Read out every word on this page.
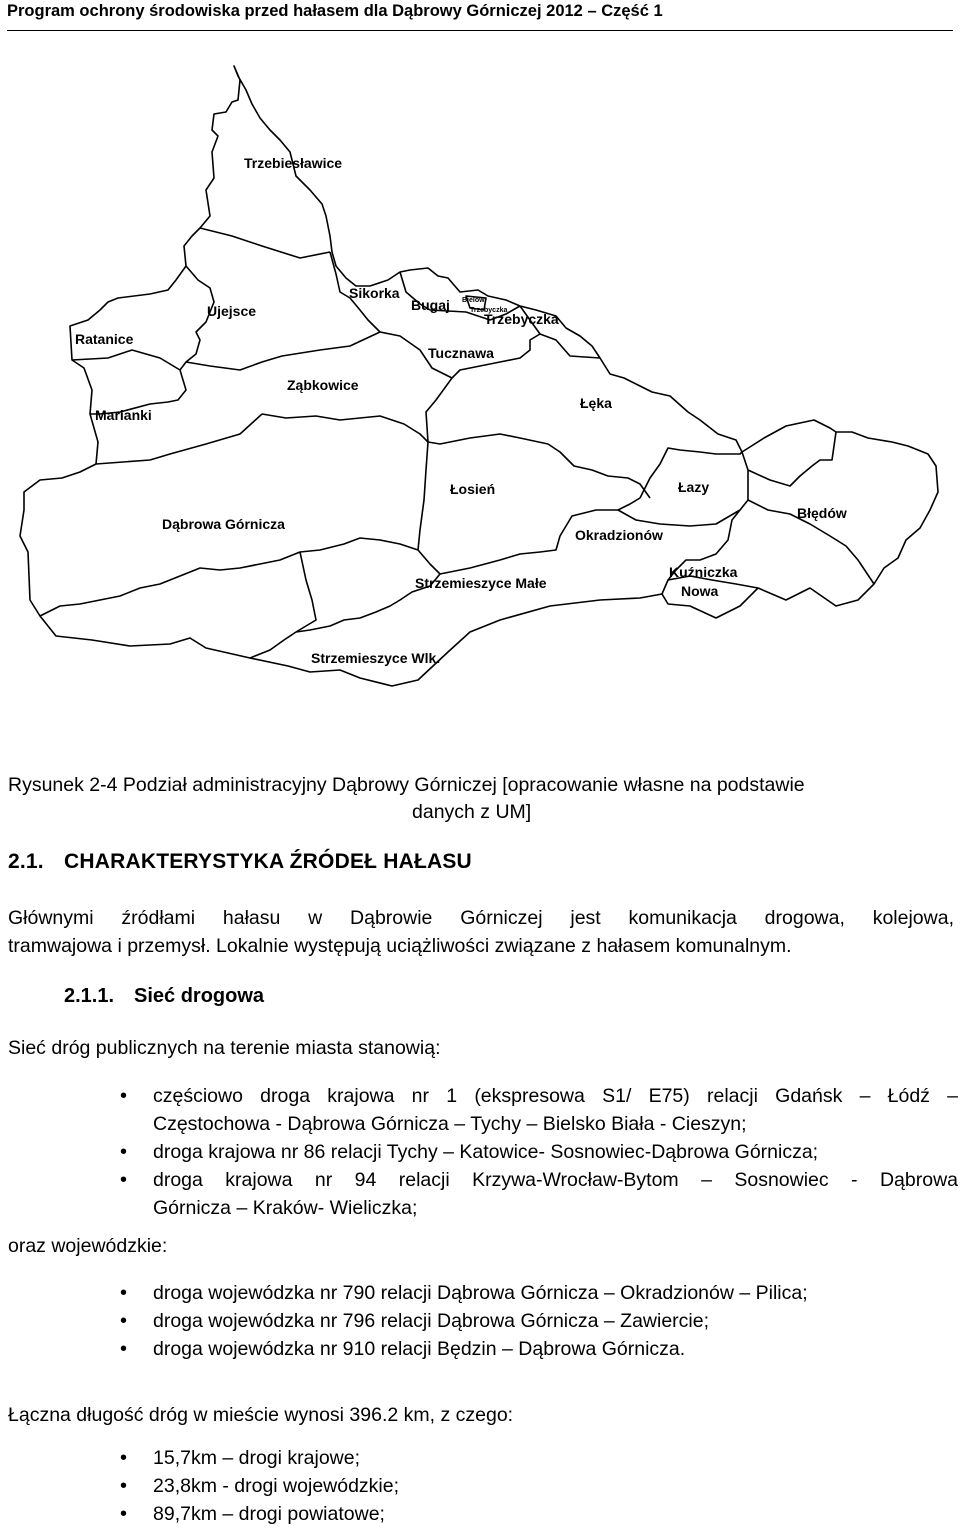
Program ochrony środowiska przed hałasem dla Dąbrowy Górniczej 2012 – Część 1
Trzebiesławice
Sikorka
Bugaj Bielów
Trzebyczka
Trzebyczka
Ujejsce
Ratanice
Tucznawa
Ząbkowice
Marianki
Łęka
Łosień	Łazy
Błędów
Dąbrowa Górnicza
Okradzionów
Strzemieszyce Małe
Kuźniczka
Nowa
Strzemieszyce Wlk.
Rysunek 2-4 Podział administracyjny Dąbrowy Górniczej [opracowanie własne na podstawie
danych z UM]
2.1. CHARAKTERYSTYKA ŹRÓDEŁ HAŁASU
Głównymi źródłami hałasu w Dąbrowie Górniczej jest komunikacja drogowa, kolejowa,
tramwajowa i przemysł. Lokalnie występują uciążliwości związane z hałasem komunalnym.
2.1.1. Sieć drogowa
Sieć dróg publicznych na terenie miasta stanowią:
• częściowo droga krajowa nr 1 (ekspresowa S1/ E75) relacji Gdańsk – Łódź –
Częstochowa - Dąbrowa Górnicza – Tychy – Bielsko Biała - Cieszyn;
• droga krajowa nr 86 relacji Tychy – Katowice- Sosnowiec-Dąbrowa Górnicza;
• droga krajowa nr 94 relacji Krzywa-Wrocław-Bytom – Sosnowiec - Dąbrowa
Górnicza – Kraków- Wieliczka;
oraz wojewódzkie:
• droga wojewódzka nr 790 relacji Dąbrowa Górnicza – Okradzionów – Pilica;
• droga wojewódzka nr 796 relacji Dąbrowa Górnicza – Zawiercie;
• droga wojewódzka nr 910 relacji Będzin – Dąbrowa Górnicza.
Łączna długość dróg w mieście wynosi 396.2 km, z czego:
• 15,7km – drogi krajowe;
• 23,8km - drogi wojewódzkie;
• 89,7km – drogi powiatowe;
